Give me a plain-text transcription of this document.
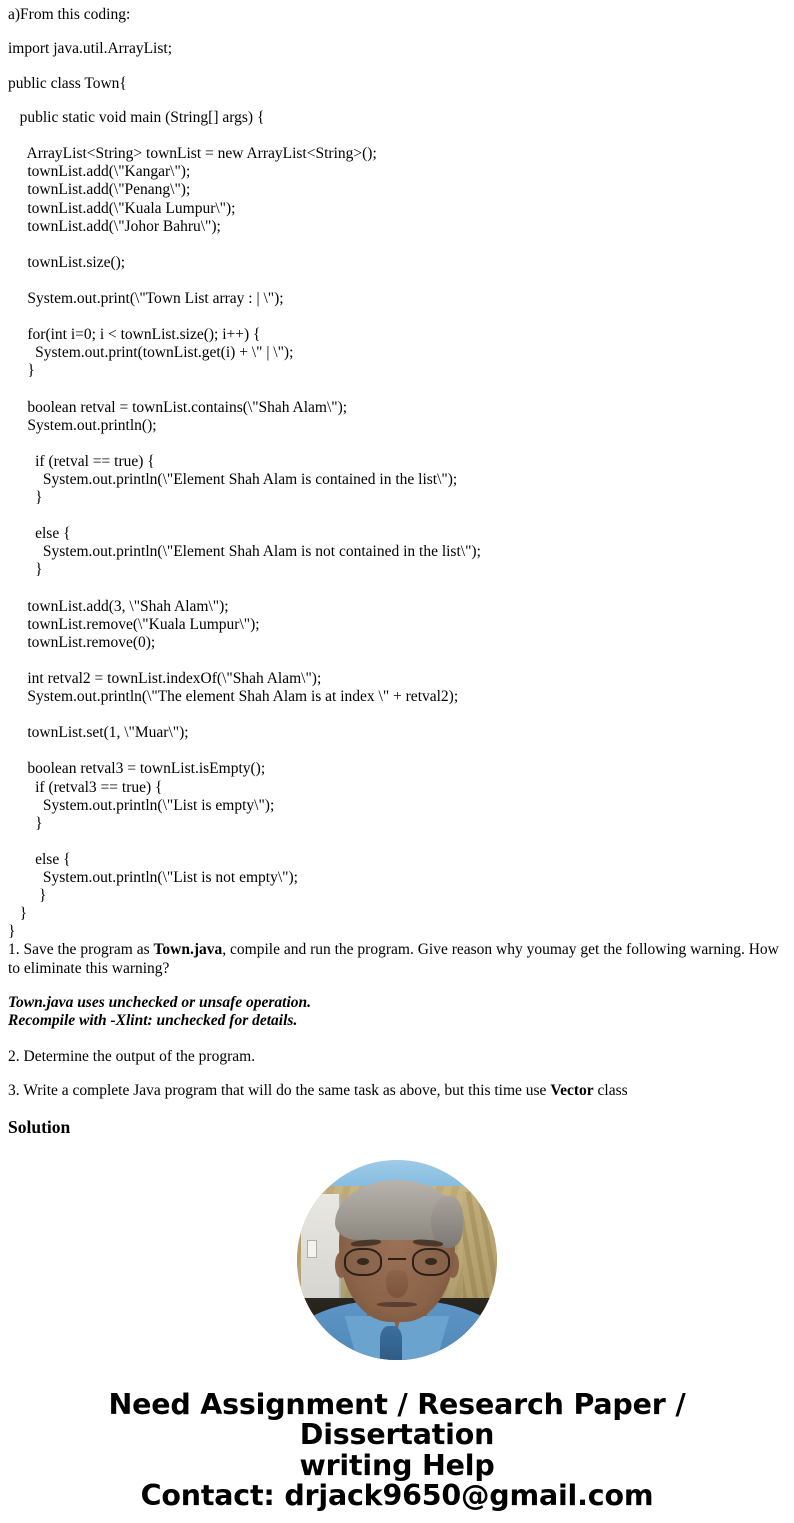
a)From this coding:

import java.util.ArrayList;

public class Town{

public static void main (String[] args) {

ArrayList<String> townList = new ArrayList<String>();
townList.add(\"Kangar\");
townList.add(\"Penang\");
townList.add(\"Kuala Lumpur\");
townList.add(\"Johor Bahru\");

townList.size();

System.out.print(\"Town List array : | \");

for(int i=0; i < townList.size(); i++) {
System.out.print(townList.get(i) + \" | \");
}

boolean retval = townList.contains(\"Shah Alam\");
System.out.println();

if (retval == true) {
System.out.println(\"Element Shah Alam is contained in the list\");
}

else {
System.out.println(\"Element Shah Alam is not contained in the list\");
}

townList.add(3, \"Shah Alam\");
townList.remove(\"Kuala Lumpur\");
townList.remove(0);

int retval2 = townList.indexOf(\"Shah Alam\");
System.out.println(\"The element Shah Alam is at index \" + retval2);

townList.set(1, \"Muar\");

boolean retval3 = townList.isEmpty();
if (retval3 == true) {
System.out.println(\"List is empty\");
}

else {
System.out.println(\"List is not empty\");
}
}
}

1. Save the program as Town.java, compile and run the program. Give reason why youmay get the following warning. How to eliminate this warning?

Town.java uses unchecked or unsafe operation.
Recompile with -Xlint: unchecked for details.

2. Determine the output of the program.

3. Write a complete Java program that will do the same task as above, but this time use Vector class

Solution
Need Assignment / Research Paper / Dissertation
writing Help
Contact: drjack9650@gmail.com
